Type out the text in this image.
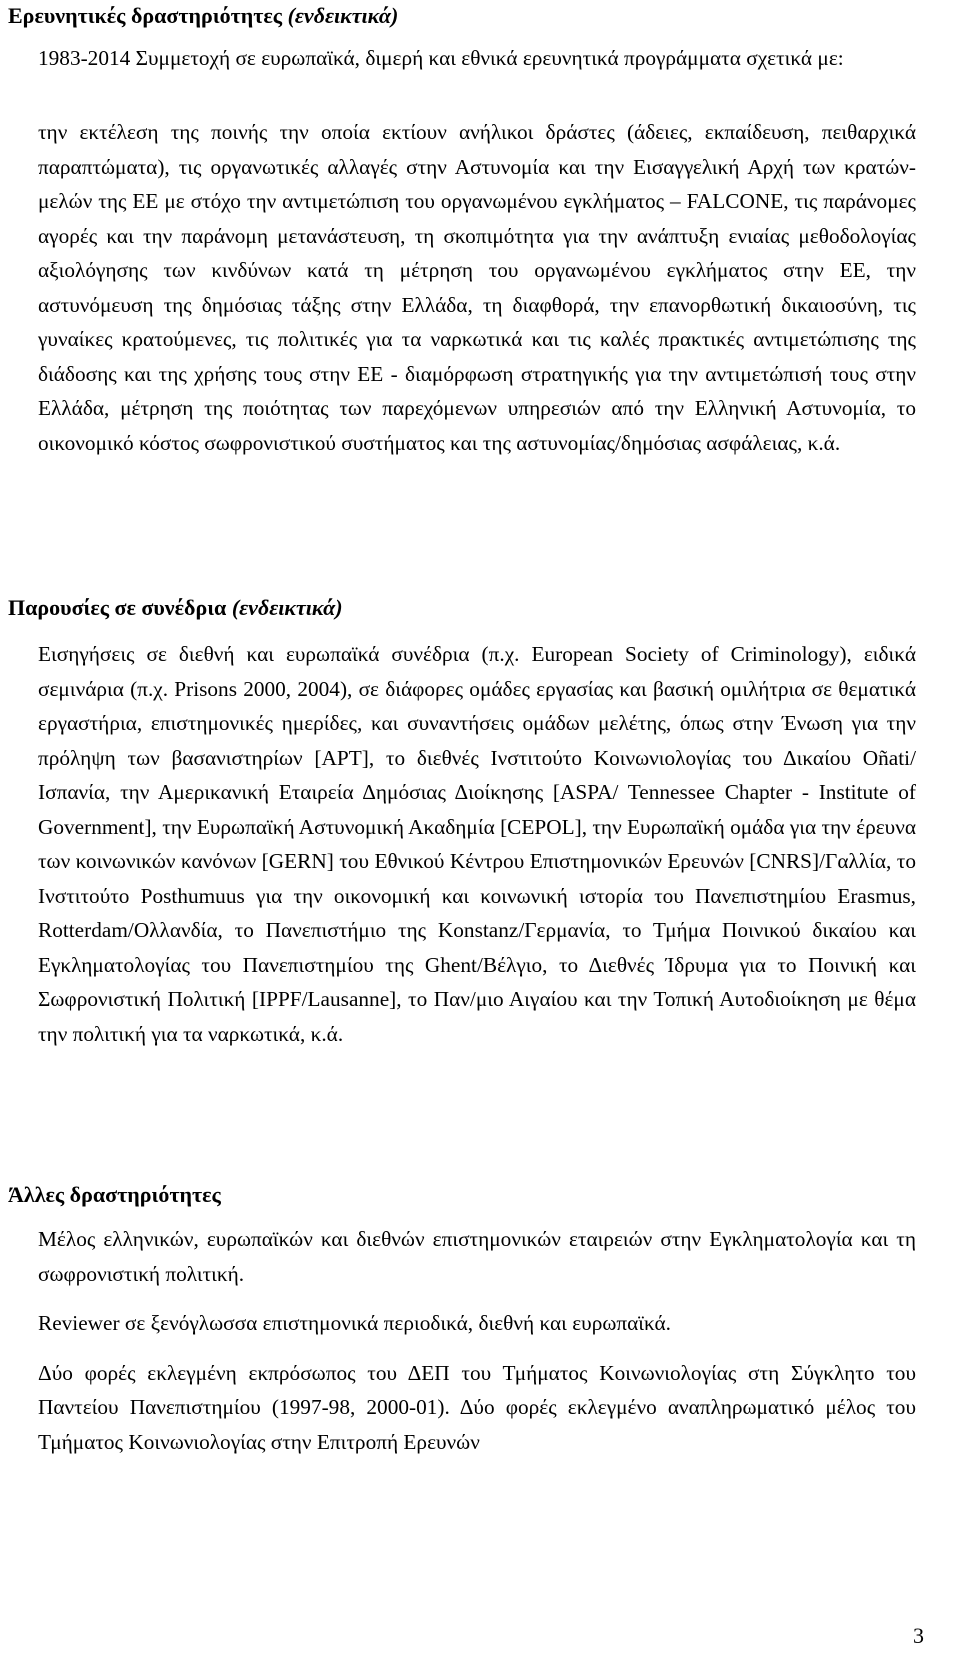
Ερευνητικές δραστηριότητες (ενδεικτικά)

1983-2014 Συμμετοχή σε ευρωπαϊκά, διμερή και εθνικά ερευνητικά προγράμματα σχετικά με:

την εκτέλεση της ποινής την οποία εκτίουν ανήλικοι δράστες (άδειες, εκπαίδευση, πειθαρχικά παραπτώματα), τις οργανωτικές αλλαγές στην Αστυνομία και την Εισαγγελική Αρχή των κρατών-μελών της ΕΕ με στόχο την αντιμετώπιση του οργανωμένου εγκλήματος – FALCONE, τις παράνομες αγορές και την παράνομη μετανάστευση, τη σκοπιμότητα για την ανάπτυξη ενιαίας μεθοδολογίας αξιολόγησης των κινδύνων κατά τη μέτρηση του οργανωμένου εγκλήματος στην ΕΕ, την αστυνόμευση της δημόσιας τάξης στην Ελλάδα, τη διαφθορά, την επανορθωτική δικαιοσύνη, τις γυναίκες κρατούμενες, τις πολιτικές για τα ναρκωτικά και τις καλές πρακτικές αντιμετώπισης της διάδοσης και της χρήσης τους στην ΕΕ - διαμόρφωση στρατηγικής για την αντιμετώπισή τους στην Ελλάδα, μέτρηση της ποιότητας των παρεχόμενων υπηρεσιών από την Ελληνική Αστυνομία, το οικονομικό κόστος σωφρονιστικού συστήματος και της αστυνομίας/δημόσιας ασφάλειας, κ.ά.

Παρουσίες σε συνέδρια (ενδεικτικά)

Εισηγήσεις σε διεθνή και ευρωπαϊκά συνέδρια (π.χ. European Society of Criminology), ειδικά σεμινάρια (π.χ. Prisons 2000, 2004), σε διάφορες ομάδες εργασίας και βασική ομιλήτρια σε θεματικά εργαστήρια, επιστημονικές ημερίδες, και συναντήσεις ομάδων μελέτης, όπως στην Ένωση για την πρόληψη των βασανιστηρίων [APT], το διεθνές Ινστιτούτο Κοινωνιολογίας του Δικαίου Oñati/ Ισπανία, την Αμερικανική Εταιρεία Δημόσιας Διοίκησης [ASPA/ Tennessee Chapter - Institute of Government], την Ευρωπαϊκή Αστυνομική Ακαδημία [CEPOL], την Ευρωπαϊκή ομάδα για την έρευνα των κοινωνικών κανόνων [GERN] του Εθνικού Κέντρου Επιστημονικών Ερευνών [CNRS]/Γαλλία, το Ινστιτούτο Posthumuus για την οικονομική και κοινωνική ιστορία του Πανεπιστημίου Erasmus, Rotterdam/Ολλανδία, το Πανεπιστήμιο της Konstanz/Γερμανία, το Τμήμα Ποινικού δικαίου και Εγκληματολογίας του Πανεπιστημίου της Ghent/Βέλγιο, το Διεθνές Ίδρυμα για το Ποινική και Σωφρονιστική Πολιτική [IPPF/Lausanne], το Παν/μιο Αιγαίου και την Τοπική Αυτοδιοίκηση με θέμα την πολιτική για τα ναρκωτικά, κ.ά.

Άλλες δραστηριότητες

Μέλος ελληνικών, ευρωπαϊκών και διεθνών επιστημονικών εταιρειών στην Εγκληματολογία και τη σωφρονιστική πολιτική.

Reviewer σε ξενόγλωσσα επιστημονικά περιοδικά, διεθνή και ευρωπαϊκά.

Δύο φορές εκλεγμένη εκπρόσωπος του ΔΕΠ του Τμήματος Κοινωνιολογίας στη Σύγκλητο του Παντείου Πανεπιστημίου (1997-98, 2000-01). Δύο φορές εκλεγμένο αναπληρωματικό μέλος του Τμήματος Κοινωνιολογίας στην Επιτροπή Ερευνών

3
